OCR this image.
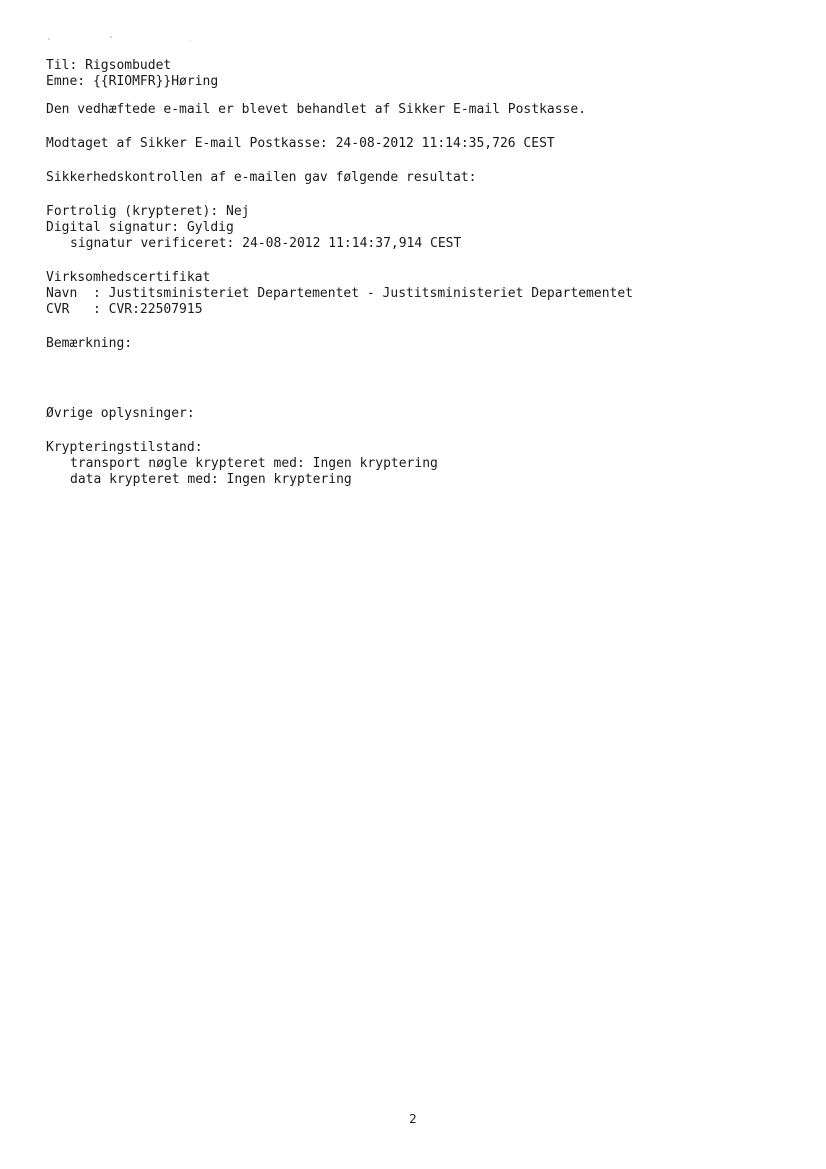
Til: Rigsombudet
Emne: {{RIOMFR}}Høring
Den vedhæftede e-mail er blevet behandlet af Sikker E-mail Postkasse.
Modtaget af Sikker E-mail Postkasse: 24-08-2012 11:14:35,726 CEST
Sikkerhedskontrollen af e-mailen gav følgende resultat:
Fortrolig (krypteret): Nej
Digital signatur: Gyldig
signatur verificeret: 24-08-2012 11:14:37,914 CEST
Virksomhedscertifikat
Navn  : Justitsministeriet Departementet - Justitsministeriet Departementet
CVR   : CVR:22507915
Bemærkning:
Øvrige oplysninger:
Krypteringstilstand:
transport nøgle krypteret med: Ingen kryptering
data krypteret med: Ingen kryptering
2
